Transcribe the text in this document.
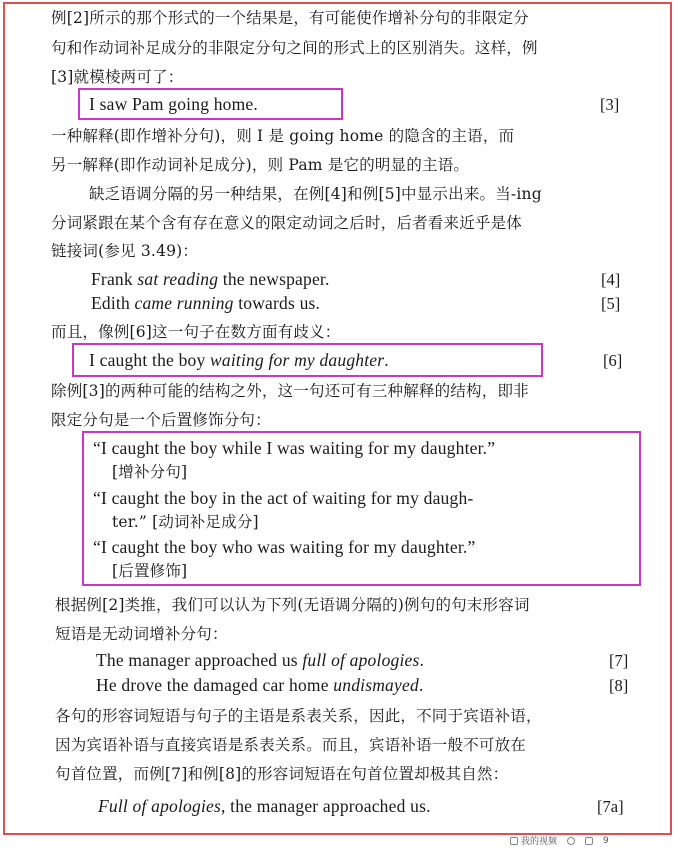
例[2]所示的那个形式的一个结果是，有可能使作增补分句的非限定分
句和作动词补足成分的非限定分句之间的形式上的区别消失。这样，例
[3]就模棱两可了：
I saw Pam going home.	[3]
一种解释(即作增补分句)，则 I 是 going home 的隐含的主语，而
另一解释(即作动词补足成分)，则 Pam 是它的明显的主语。
缺乏语调分隔的另一种结果，在例[4]和例[5]中显示出来。当-ing
分词紧跟在某个含有存在意义的限定动词之后时，后者看来近乎是体
链接词(参见 3.49)：
Frank sat reading the newspaper.	[4]
Edith came running towards us.	[5]
而且，像例[6]这一句子在数方面有歧义：
I caught the boy waiting for my daughter.	[6]
除例[3]的两种可能的结构之外，这一句还可有三种解释的结构，即非
限定分句是一个后置修饰分句：
“I caught the boy while I was waiting for my daughter.”
[增补分句]
“I caught the boy in the act of waiting for my daugh-
ter.” [动词补足成分]
“I caught the boy who was waiting for my daughter.”
[后置修饰]
根据例[2]类推，我们可以认为下列(无语调分隔的)例句的句末形容词
短语是无动词增补分句：
The manager approached us full of apologies.	[7]
He drove the damaged car home undismayed.	[8]
各句的形容词短语与句子的主语是系表关系，因此，不同于宾语补语，
因为宾语补语与直接宾语是系表关系。而且，宾语补语一般不可放在
句首位置，而例[7]和例[8]的形容词短语在句首位置却极其自然：
Full of apologies, the manager approached us.	[7a]
我的视频	9
